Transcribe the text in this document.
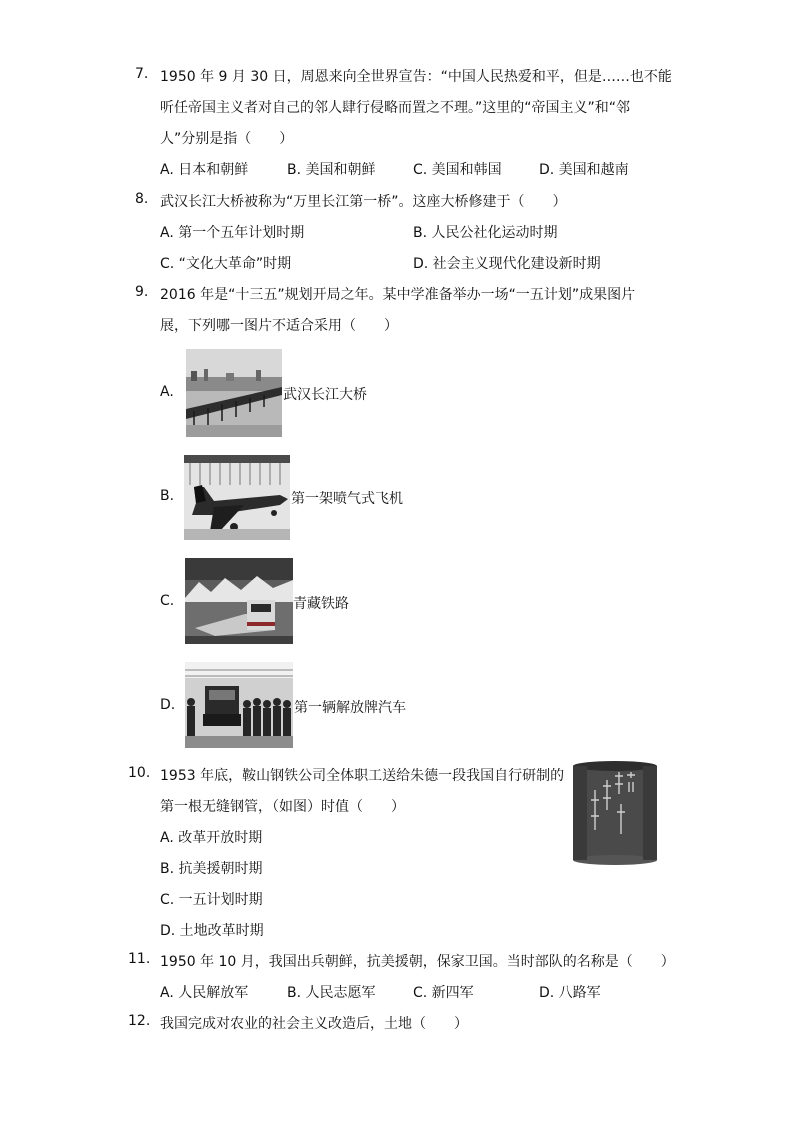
7. 1950 年 9 月 30 日，周恩来向全世界宣告：“中国人民热爱和平，但是……也不能
听任帝国主义者对自己的邻人肆行侵略而置之不理。”这里的“帝国主义”和“邻
人”分别是指（　　）
A. 日本和朝鲜	B. 美国和朝鲜	C. 美国和韩国	D. 美国和越南
8. 武汉长江大桥被称为“万里长江第一桥”。这座大桥修建于（　　）
A. 第一个五年计划时期	B. 人民公社化运动时期
C. “文化大革命”时期	D. 社会主义现代化建设新时期
9. 2016 年是“十三五”规划开局之年。某中学准备举办一场“一五计划”成果图片
展，下列哪一图片不适合采用（　　）
A.	武汉长江大桥
B.	第一架喷气式飞机
C.	青藏铁路
D.	第一辆解放牌汽车
10. 1953 年底，鞍山钢铁公司全体职工送给朱德一段我国自行研制的
第一根无缝钢管，（如图）时值（　　）
A. 改革开放时期
B. 抗美援朝时期
C. 一五计划时期
D. 土地改革时期
11. 1950 年 10 月，我国出兵朝鲜，抗美援朝，保家卫国。当时部队的名称是（　　）
A. 人民解放军	B. 人民志愿军	C. 新四军	D. 八路军
12. 我国完成对农业的社会主义改造后，土地（　　）
